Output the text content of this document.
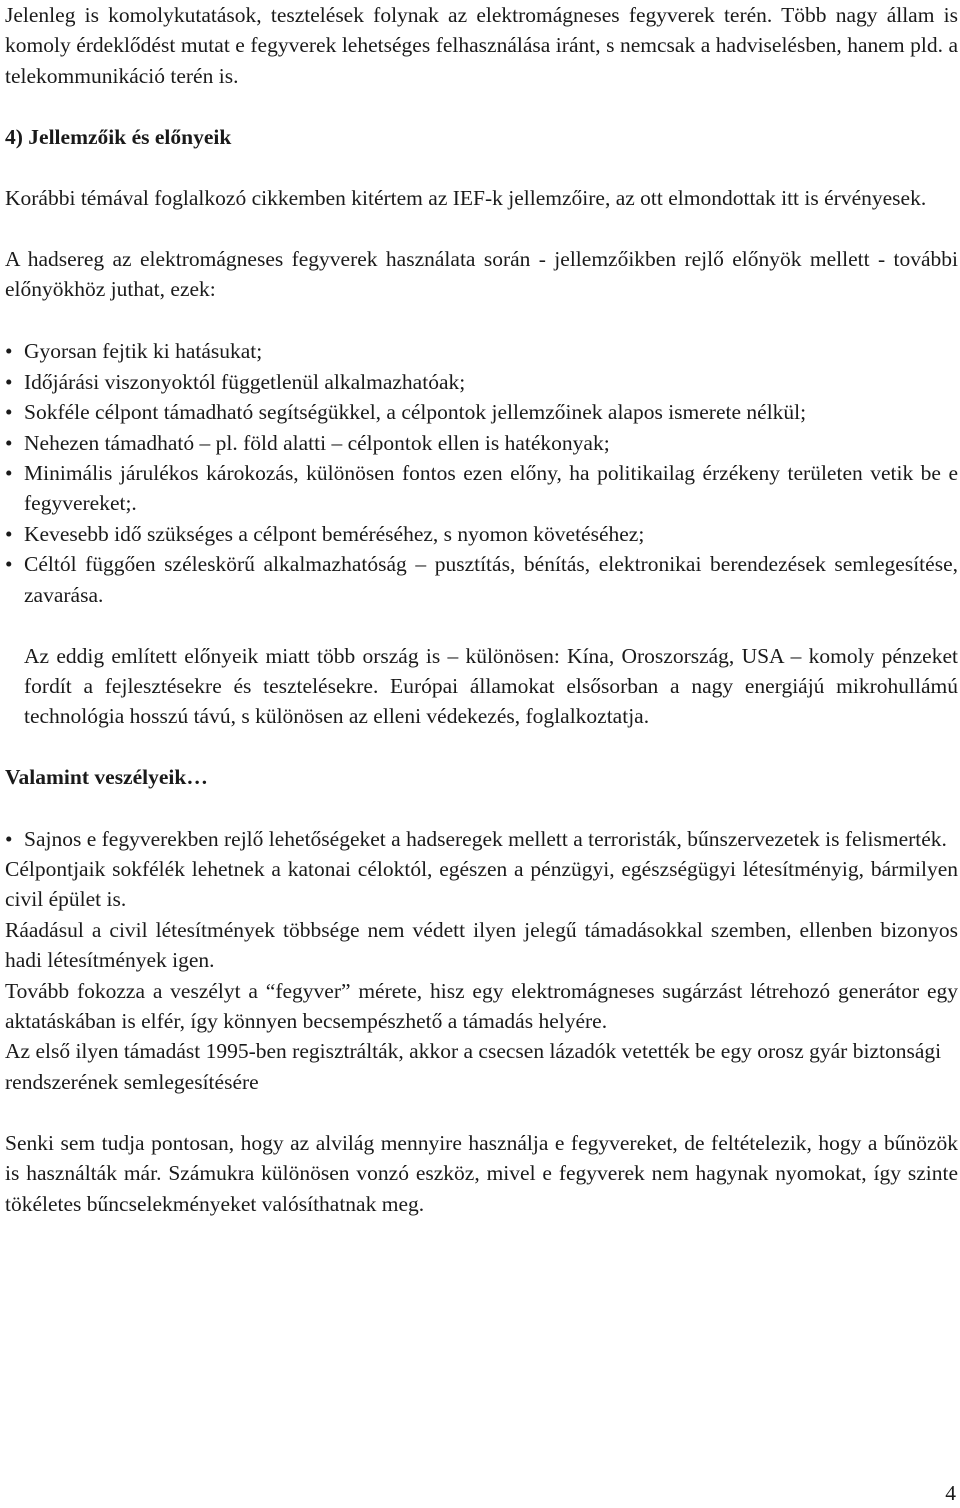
Jelenleg is komolykutatások, tesztelések folynak az elektromágneses fegyverek terén. Több nagy állam is komoly érdeklődést mutat e fegyverek lehetséges felhasználása iránt, s nemcsak a hadviselésben, hanem pld. a telekommunikáció terén is.

4) Jellemzőik és előnyeik

Korábbi témával foglalkozó cikkemben kitértem az IEF-k jellemzőire, az ott elmondottak itt is érvényesek.

A hadsereg az elektromágneses fegyverek használata során - jellemzőikben rejlő előnyök mellett - további előnyökhöz juthat, ezek:

• Gyorsan fejtik ki hatásukat;
• Időjárási viszonyoktól függetlenül alkalmazhatóak;
• Sokféle célpont támadható segítségükkel, a célpontok jellemzőinek alapos ismerete nélkül;
• Nehezen támadható – pl. föld alatti – célpontok ellen is hatékonyak;
• Minimális járulékos károkozás, különösen fontos ezen előny, ha politikailag érzékeny területen vetik be e fegyvereket;.
• Kevesebb idő szükséges a célpont beméréséhez, s nyomon követéséhez;
• Céltól függően széleskörű alkalmazhatóság – pusztítás, bénítás, elektronikai berendezések semlegesítése, zavarása.

Az eddig említett előnyeik miatt több ország is – különösen: Kína, Oroszország, USA – komoly pénzeket fordít a fejlesztésekre és tesztelésekre. Európai államokat elsősorban a nagy energiájú mikrohullámú technológia hosszú távú, s különösen az elleni védekezés, foglalkoztatja.

Valamint veszélyeik…
• Sajnos e fegyverekben rejlő lehetőségeket a hadseregek mellett a terroristák, bűnszervezetek is felismerték.

Célpontjaik sokfélék lehetnek a katonai céloktól, egészen a pénzügyi, egészségügyi létesítményig, bármilyen civil épület is.

Ráadásul a civil létesítmények többsége nem védett ilyen jelegű támadásokkal szemben, ellenben bizonyos hadi létesítmények igen.

Tovább fokozza a veszélyt a “fegyver” mérete, hisz egy elektromágneses sugárzást létrehozó generátor egy aktatáskában is elfér, így könnyen becsempészhető a támadás helyére.

Az első ilyen támadást 1995-ben regisztrálták, akkor a csecsen lázadók vetették be egy orosz gyár biztonsági rendszerének semlegesítésére

Senki sem tudja pontosan, hogy az alvilág mennyire használja e fegyvereket, de feltételezik, hogy a bűnözök is használták már. Számukra különösen vonzó eszköz, mivel e fegyverek nem hagynak nyomokat, így szinte tökéletes bűncselekményeket valósíthatnak meg.

4
